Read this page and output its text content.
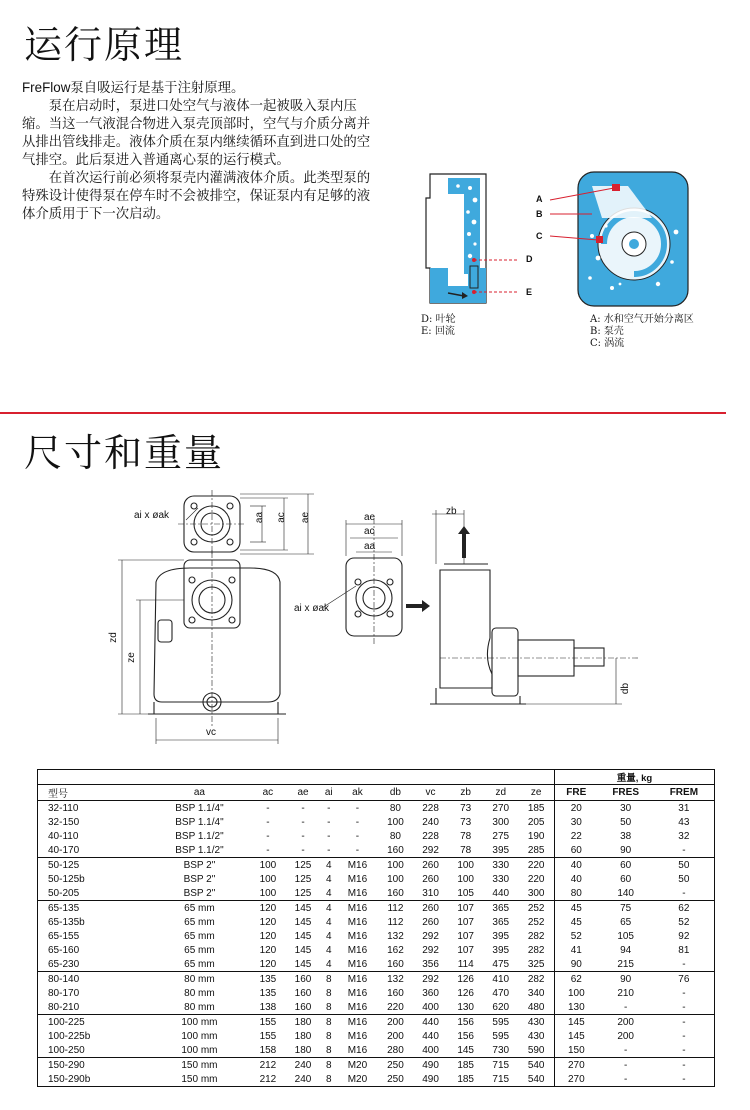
运行原理

FreFlow泵自吸运行是基于注射原理。

泵在启动时，泵进口处空气与液体一起被吸入泵内压缩。当这一气液混合物进入泵壳顶部时，空气与介质分离并从排出管线排走。液体介质在泵内继续循环直到进口处的空气排空。此后泵进入普通离心泵的运行模式。

在首次运行前必须将泵壳内灌满液体介质。此类型泵的特殊设计使得泵在停车时不会被排空，保证泵内有足够的液体介质用于下一次启动。

D
E
A
B
C
D: 叶轮
E: 回流
A: 水和空气开始分离区
B: 泵壳
C: 涡流
尺寸和重量
ai x øak
ai x øak
aa ac ae
zd
ze
vc
ae
ac
aa
zb
db
											重量, kg		
型号	aa	ac	ae	ai	ak	db	vc	zb	zd	ze	FRE	FRES	FREM
32-110	BSP 1.1/4"	-	-	-	-	80	228	73	270	185	20	30	31
32-150	BSP 1.1/4"	-	-	-	-	100	240	73	300	205	30	50	43
40-110	BSP 1.1/2"	-	-	-	-	80	228	78	275	190	22	38	32
40-170	BSP 1.1/2"	-	-	-	-	160	292	78	395	285	60	90	-
50-125	BSP 2"	100	125	4	M16	100	260	100	330	220	40	60	50
50-125b	BSP 2"	100	125	4	M16	100	260	100	330	220	40	60	50
50-205	BSP 2"	100	125	4	M16	160	310	105	440	300	80	140	-
65-135	65 mm	120	145	4	M16	112	260	107	365	252	45	75	62
65-135b	65 mm	120	145	4	M16	112	260	107	365	252	45	65	52
65-155	65 mm	120	145	4	M16	132	292	107	395	282	52	105	92
65-160	65 mm	120	145	4	M16	162	292	107	395	282	41	94	81
65-230	65 mm	120	145	4	M16	160	356	114	475	325	90	215	-
80-140	80 mm	135	160	8	M16	132	292	126	410	282	62	90	76
80-170	80 mm	135	160	8	M16	160	360	126	470	340	100	210	-
80-210	80 mm	138	160	8	M16	220	400	130	620	480	130	-	-
100-225	100 mm	155	180	8	M16	200	440	156	595	430	145	200	-
100-225b	100 mm	155	180	8	M16	200	440	156	595	430	145	200	-
100-250	100 mm	158	180	8	M16	280	400	145	730	590	150	-	-
150-290	150 mm	212	240	8	M20	250	490	185	715	540	270	-	-
150-290b	150 mm	212	240	8	M20	250	490	185	715	540	270	-	-
